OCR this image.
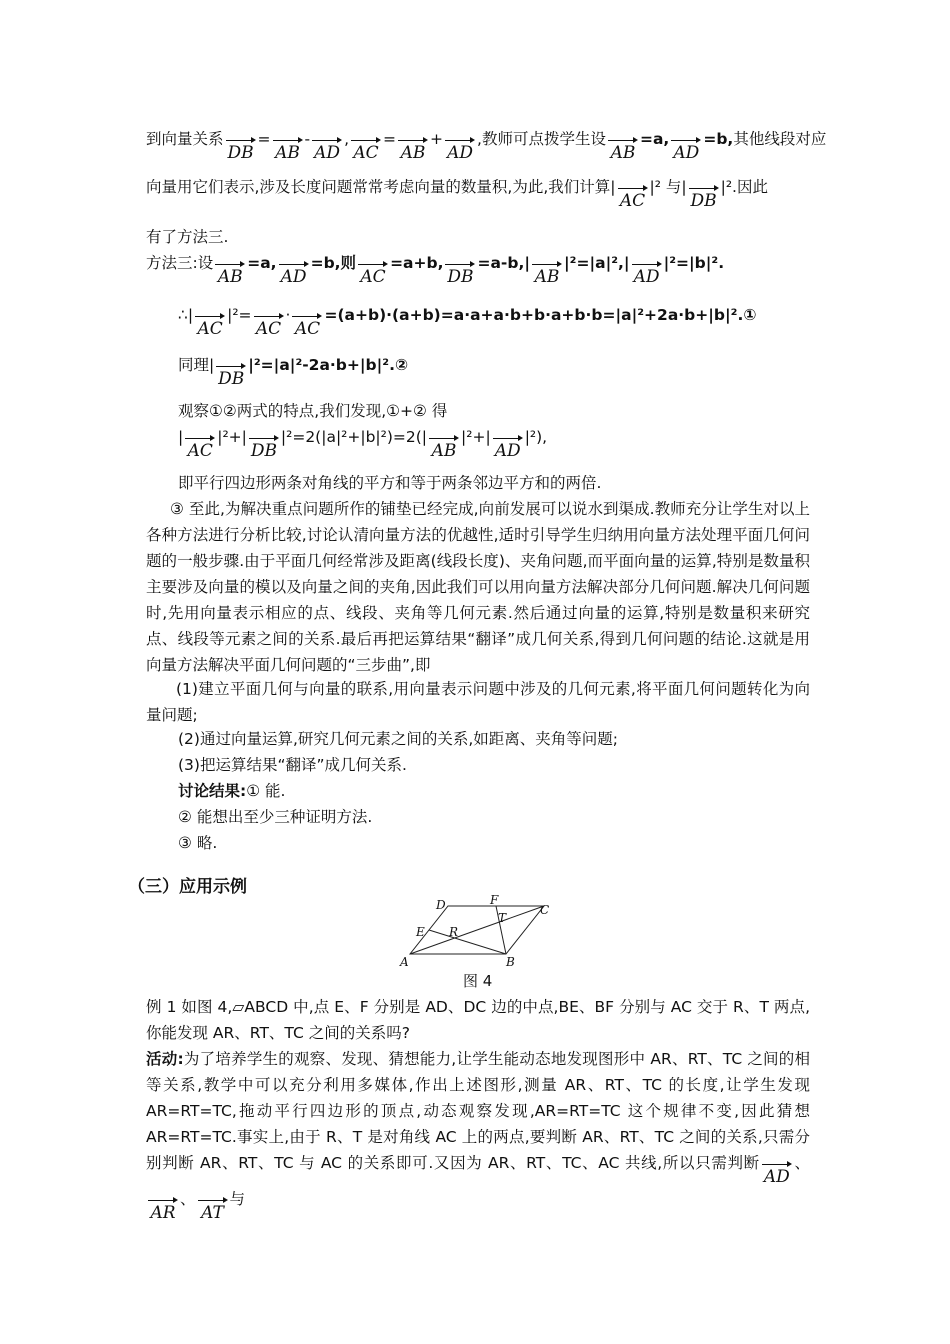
到向量关系
DB
=
AB
-
AD
,
AC
=
AB
+
AD
,教师可点拨学生设
AB
=a,
AD
=b,其他线段对应
向量用它们表示,涉及长度问题常常考虑向量的数量积,为此,我们计算|
AC
|² 与|
DB
|².因此
有了方法三.
方法三:设
AB
=a,
AD
=b,则
AC
=a+b,
DB
=a-b,|
AB
|²=|a|²,|
AD
|²=|b|².
∴|
AC
|²=
AC
·
AC
=(a+b)·(a+b)=a·a+a·b+b·a+b·b=|a|²+2a·b+|b|².①
同理|
DB
|²=|a|²-2a·b+|b|².②
观察①②两式的特点,我们发现,①+② 得
|
AC
|²+|
DB
|²=2(|a|²+|b|²)=2(|
AB
|²+|
AD
|²),
即平行四边形两条对角线的平方和等于两条邻边平方和的两倍.
③ 至此,为解决重点问题所作的铺垫已经完成,向前发展可以说水到渠成.教师充分让学生对以上各种方法进行分析比较,讨论认清向量方法的优越性,适时引导学生归纳用向量方法处理平面几何问题的一般步骤.由于平面几何经常涉及距离(线段长度)、夹角问题,而平面向量的运算,特别是数量积主要涉及向量的模以及向量之间的夹角,因此我们可以用向量方法解决部分几何问题.解决几何问题时,先用向量表示相应的点、线段、夹角等几何元素.然后通过向量的运算,特别是数量积来研究点、线段等元素之间的关系.最后再把运算结果“翻译”成几何关系,得到几何问题的结论.这就是用向量方法解决平面几何问题的“三步曲”,即
(1)建立平面几何与向量的联系,用向量表示问题中涉及的几何元素,将平面几何问题转化为向量问题;
(2)通过向量运算,研究几何元素之间的关系,如距离、夹角等问题;
(3)把运算结果“翻译”成几何关系.
讨论结果:① 能.
② 能想出至少三种证明方法.
③ 略.
（三）应用示例
A	B
C
D
E
F
R
T
图 4
例 1 如图 4,▱ABCD 中,点 E、F 分别是 AD、DC 边的中点,BE、BF 分别与 AC 交于 R、T 两点,你能发现 AR、RT、TC 之间的关系吗?
活动:为了培养学生的观察、发现、猜想能力,让学生能动态地发现图形中 AR、RT、TC 之间的相等关系,教学中可以充分利用多媒体,作出上述图形,测量 AR、RT、TC 的长度,让学生发现 AR=RT=TC,拖动平行四边形的顶点,动态观察发现,AR=RT=TC 这个规律不变,因此猜想 AR=RT=TC.事实上,由于 R、T 是对角线 AC 上的两点,要判断 AR、RT、TC 之间的关系,只需分别判断 AR、RT、TC 与 AC 的关系即可.又因为 AR、RT、TC、AC 共线,所以只需判断
AD
、
AR
、
AT
与
